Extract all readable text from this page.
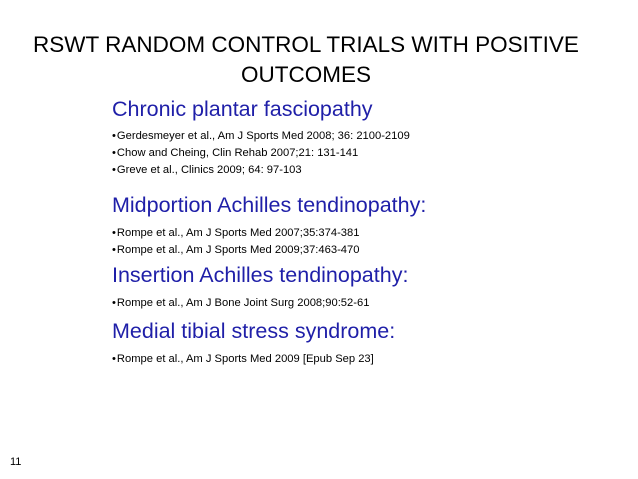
RSWT RANDOM CONTROL TRIALS WITH POSITIVE
OUTCOMES

Chronic plantar fasciopathy

•Gerdesmeyer et al., Am J Sports Med 2008; 36: 2100-2109

•Chow and Cheing, Clin Rehab 2007;21: 131-141

•Greve et al., Clinics 2009; 64: 97-103

Midportion Achilles tendinopathy:

•Rompe et al., Am J Sports Med 2007;35:374-381

•Rompe et al., Am J Sports Med 2009;37:463-470

Insertion Achilles tendinopathy:

•Rompe et al., Am J Bone Joint Surg 2008;90:52-61

Medial tibial stress syndrome:

•Rompe et al., Am J Sports Med 2009 [Epub Sep 23]

11
